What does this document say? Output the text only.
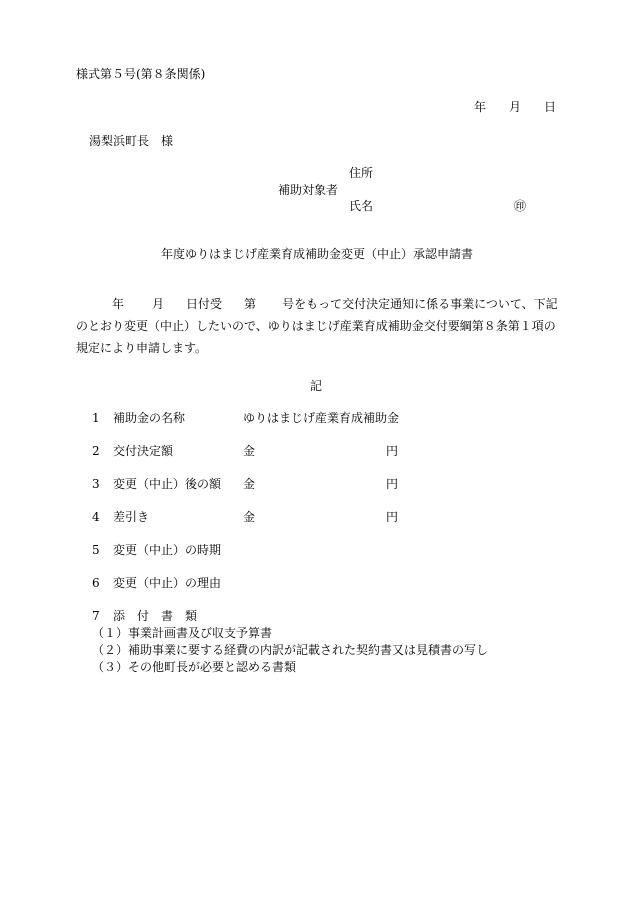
様式第５号(第８条関係)
年 月 日
湯梨浜町長　様
住所
補助対象者
氏名	㊞
年度ゆりはまじげ産業育成補助金変更（中止）承認申請書
年 月 日付受 第 号をもって交付決定通知に係る事業について、下記のとおり変更（中止）したいので、ゆりはまじげ産業育成補助金交付要綱第８条第１項の規定により申請します。
記
1 補助金の名称	ゆりはまじげ産業育成補助金
2 交付決定額	金	円
3 変更（中止）後の額 金	円
4 差引き	金	円
5 変更（中止）の時期
6 変更（中止）の理由
7 添　付　書　類
（１）事業計画書及び収支予算書
（２）補助事業に要する経費の内訳が記載された契約書又は見積書の写し
（３）その他町長が必要と認める書類
